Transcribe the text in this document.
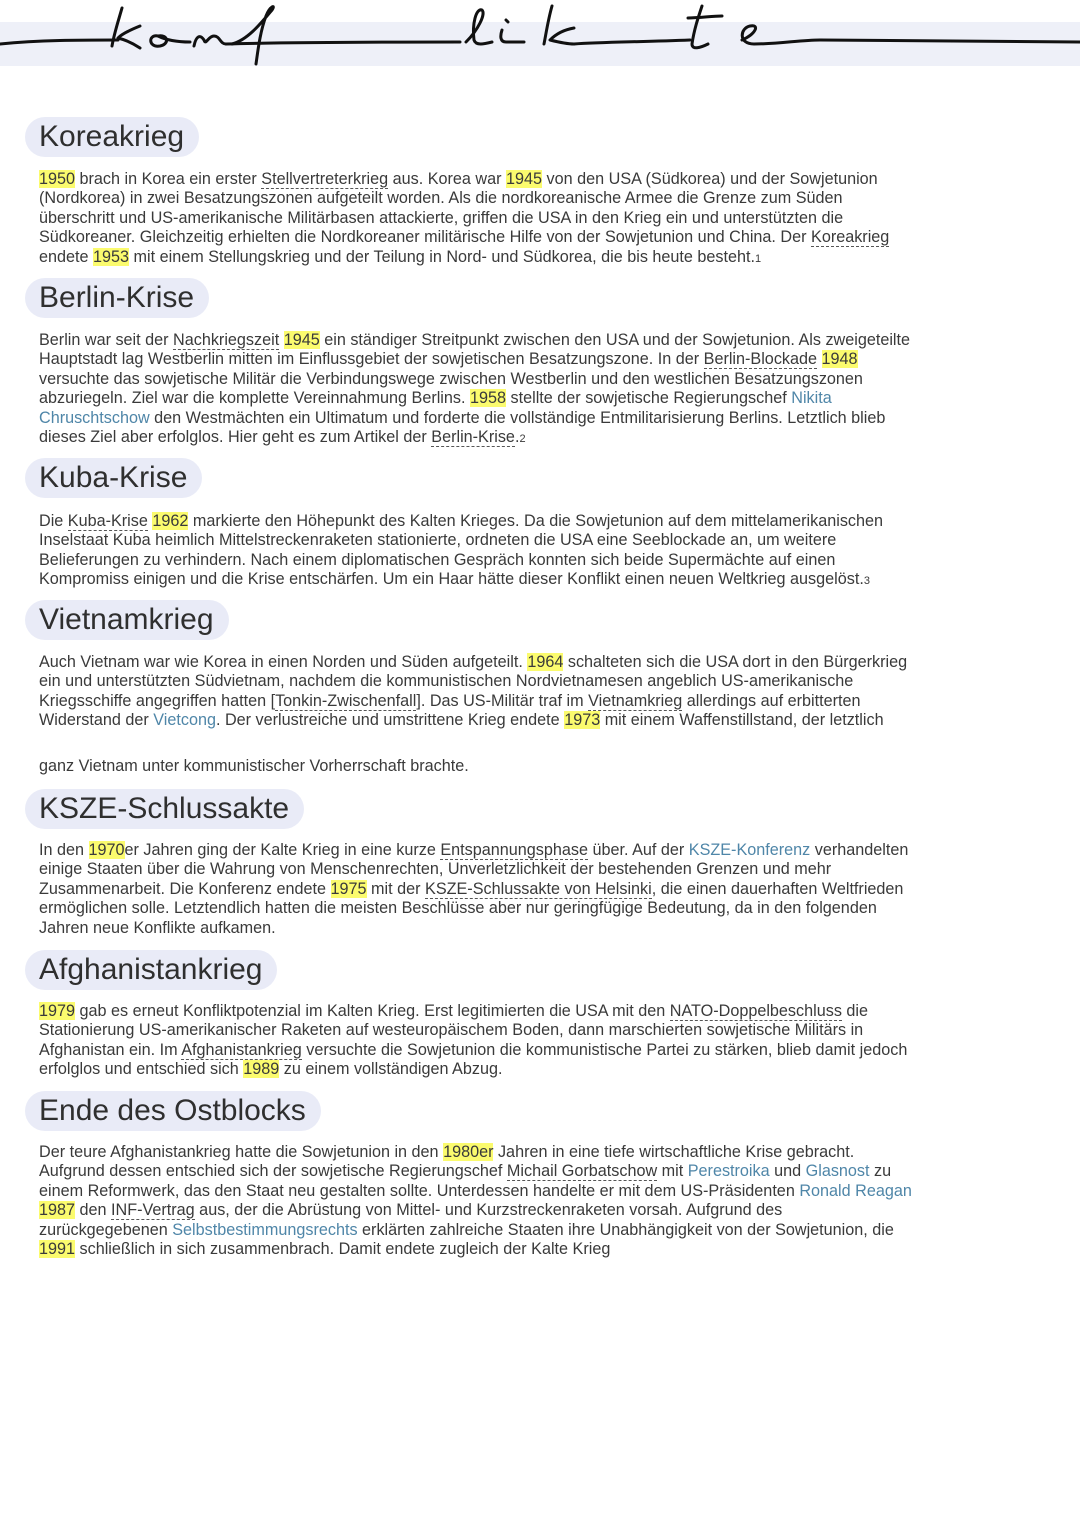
Koreakrieg
1950 brach in Korea ein erster Stellvertreterkrieg aus. Korea war 1945 von den USA (Südkorea) und der Sowjetunion
(Nordkorea) in zwei Besatzungszonen aufgeteilt worden. Als die nordkoreanische Armee die Grenze zum Süden
überschritt und US-amerikanische Militärbasen attackierte, griffen die USA in den Krieg ein und unterstützten die
Südkoreaner. Gleichzeitig erhielten die Nordkoreaner militärische Hilfe von der Sowjetunion und China. Der Koreakrieg
endete 1953 mit einem Stellungskrieg und der Teilung in Nord- und Südkorea, die bis heute besteht.1
Berlin-Krise
Berlin war seit der Nachkriegszeit 1945 ein ständiger Streitpunkt zwischen den USA und der Sowjetunion. Als zweigeteilte
Hauptstadt lag Westberlin mitten im Einflussgebiet der sowjetischen Besatzungszone. In der Berlin-Blockade 1948
versuchte das sowjetische Militär die Verbindungswege zwischen Westberlin und den westlichen Besatzungszonen
abzuriegeln. Ziel war die komplette Vereinnahmung Berlins. 1958 stellte der sowjetische Regierungschef Nikita
Chruschtschow den Westmächten ein Ultimatum und forderte die vollständige Entmilitarisierung Berlins. Letztlich blieb
dieses Ziel aber erfolglos. Hier geht es zum Artikel der Berlin-Krise.2
Kuba-Krise
Die Kuba-Krise 1962 markierte den Höhepunkt des Kalten Krieges. Da die Sowjetunion auf dem mittelamerikanischen
Inselstaat Kuba heimlich Mittelstreckenraketen stationierte, ordneten die USA eine Seeblockade an, um weitere
Belieferungen zu verhindern. Nach einem diplomatischen Gespräch konnten sich beide Supermächte auf einen
Kompromiss einigen und die Krise entschärfen. Um ein Haar hätte dieser Konflikt einen neuen Weltkrieg ausgelöst.3
Vietnamkrieg
Auch Vietnam war wie Korea in einen Norden und Süden aufgeteilt. 1964 schalteten sich die USA dort in den Bürgerkrieg
ein und unterstützten Südvietnam, nachdem die kommunistischen Nordvietnamesen angeblich US-amerikanische
Kriegsschiffe angegriffen hatten [Tonkin-Zwischenfall]. Das US-Militär traf im Vietnamkrieg allerdings auf erbitterten
Widerstand der Vietcong. Der verlustreiche und umstrittene Krieg endete 1973 mit einem Waffenstillstand, der letztlich
ganz Vietnam unter kommunistischer Vorherrschaft brachte.
KSZE-Schlussakte
In den 1970er Jahren ging der Kalte Krieg in eine kurze Entspannungsphase über. Auf der KSZE-Konferenz verhandelten
einige Staaten über die Wahrung von Menschenrechten, Unverletzlichkeit der bestehenden Grenzen und mehr
Zusammenarbeit. Die Konferenz endete 1975 mit der KSZE-Schlussakte von Helsinki, die einen dauerhaften Weltfrieden
ermöglichen solle. Letztendlich hatten die meisten Beschlüsse aber nur geringfügige Bedeutung, da in den folgenden
Jahren neue Konflikte aufkamen.
Afghanistankrieg
1979 gab es erneut Konfliktpotenzial im Kalten Krieg. Erst legitimierten die USA mit den NATO-Doppelbeschluss die
Stationierung US-amerikanischer Raketen auf westeuropäischem Boden, dann marschierten sowjetische Militärs in
Afghanistan ein. Im Afghanistankrieg versuchte die Sowjetunion die kommunistische Partei zu stärken, blieb damit jedoch
erfolglos und entschied sich 1989 zu einem vollständigen Abzug.
Ende des Ostblocks
Der teure Afghanistankrieg hatte die Sowjetunion in den 1980er Jahren in eine tiefe wirtschaftliche Krise gebracht.
Aufgrund dessen entschied sich der sowjetische Regierungschef Michail Gorbatschow mit Perestroika und Glasnost zu
einem Reformwerk, das den Staat neu gestalten sollte. Unterdessen handelte er mit dem US-Präsidenten Ronald Reagan
1987 den INF-Vertrag aus, der die Abrüstung von Mittel- und Kurzstreckenraketen vorsah. Aufgrund des
zurückgegebenen Selbstbestimmungsrechts erklärten zahlreiche Staaten ihre Unabhängigkeit von der Sowjetunion, die
1991 schließlich in sich zusammenbrach. Damit endete zugleich der Kalte Krieg
